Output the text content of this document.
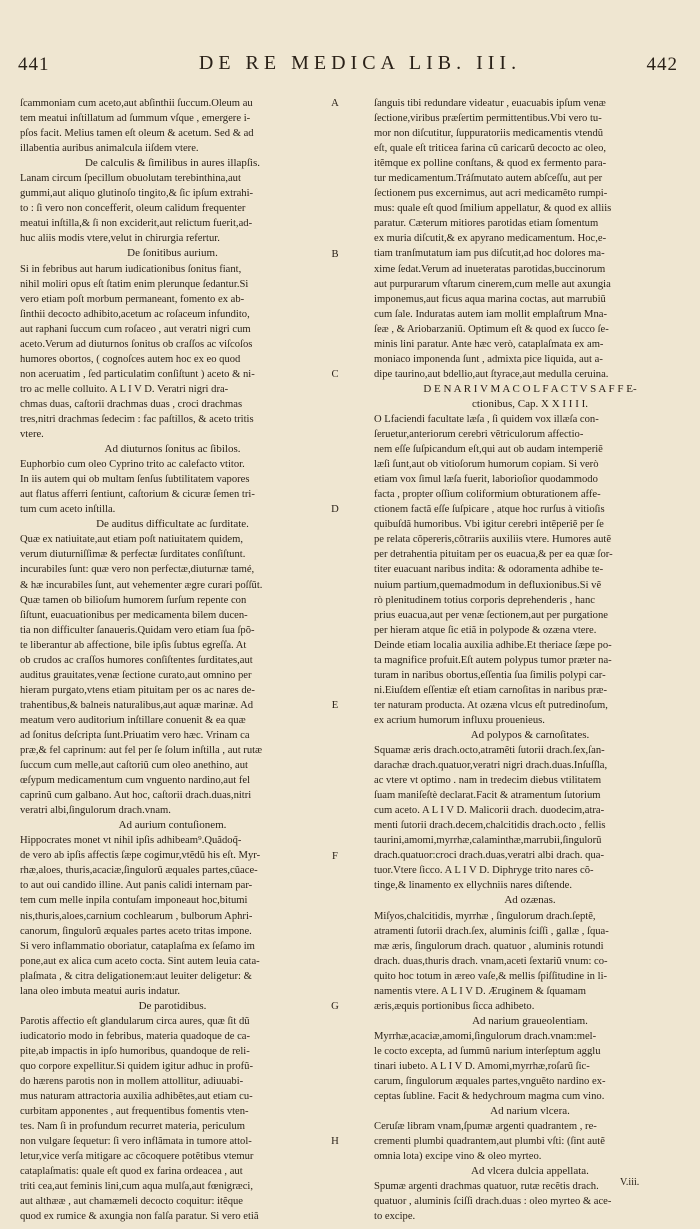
441	DE RE MEDICA LIB. III.	442
ſcammoniam cum aceto,aut abſinthii ſuccum.Oleum au
tem meatui inſtillatum ad ſummum vſque , emergere i-
pſos facit. Melius tamen eſt oleum & acetum. Sed & ad
illabentia auribus animalcula iiſdem vtere.
De calculis & ſimilibus in aures illapſis.
Lanam circum ſpecillum obuolutam terebinthina,aut
gummi,aut aliquo glutinoſo tingito,& ſic ipſum extrahi-
to : ſi vero non concefferit, oleum calidum frequenter
meatui inſtilla,& ſi non exciderit,aut relictum fuerit,ad-
huc aliis modis vtere,velut in chirurgia refertur.
De ſonitibus aurium.
Si in febribus aut harum iudicationibus ſonitus fiant,
nihil moliri opus eſt ſtatim enim plerunque ſedantur.Si
vero etiam poſt morbum permaneant, fomento ex ab-
ſinthii decocto adhibito,acetum ac roſaceum infundito,
aut raphani ſuccum cum roſaceo , aut veratri nigri cum
aceto.Verum ad diuturnos ſonitus ob craſſos ac viſcoſos
humores obortos, ( cognoſces autem hoc ex eo quod
non aceruatim , ſed particulatim conſiſtunt ) aceto & ni-
tro ac melle colluito. A L I V D. Veratri nigri dra-
chmas duas, caſtorii drachmas duas , croci drachmas
tres,nitri drachmas ſedecim : fac paſtillos, & aceto tritis
vtere.
Ad diuturnos ſonitus ac ſibilos.
Euphorbio cum oleo Cyprino trito ac calefacto vtitor.
In iis autem qui ob multam ſenſus ſubtilitatem vapores
aut flatus afferri ſentiunt, caſtorium & cicuræ ſemen tri-
tum cum aceto inſtilla.
De auditus difficultate ac ſurditate.
Quæ ex natiuitate,aut etiam poſt natiuitatem quidem,
verum diuturniſſimæ & perfectæ ſurditates conſiſtunt.
incurabiles ſunt: quæ vero non perfectæ,diuturnæ tamé,
& hæ incurabiles ſunt, aut vehementer ægre curari poſſũt.
Quæ tamen ob bilioſum humorem ſurſum repente con
ſiſtunt, euacuationibus per medicamenta bilem ducen-
tia non difficulter ſanaueris.Quidam vero etiam ſua ſpõ-
te liberantur ab affectione, bile ipſis ſubtus egreſſa. At
ob crudos ac craſſos humores conſiſtentes ſurditates,aut
auditus grauitates,venæ ſectione curato,aut omnino per
hieram purgato,vtens etiam pituitam per os ac nares de-
trahentibus,& balneis naturalibus,aut aquæ marinæ. Ad
meatum vero auditorium inſtillare conuenit & ea quæ
ad ſonitus deſcripta ſunt.Priuatim vero hæc. Vrinam ca
præ,& fel caprinum: aut fel per ſe ſolum inſtilla , aut rutæ
ſuccum cum melle,aut caſtoriũ cum oleo anethino, aut
œſypum medicamentum cum vnguento nardino,aut fel
caprinũ cum galbano. Aut hoc, caſtorii drach.duas,nitri
veratri albi,ſingulorum drach.vnam.
Ad aurium contuſionem.
Hippocrates monet vt nihil ipſis adhibeam⁹.Quãdoq̃-
de vero ab ipſis affectis ſæpe cogimur,vtẽdũ his eſt. Myr-
rhæ,aloes, thuris,acaciæ,ſingulorũ æquales partes,cũace-
to aut oui candido illine. Aut panis calidi internam par-
tem cum melle inpila contuſam imponeaut hoc,bitumi
nis,thuris,aloes,carnium cochlearum , bulborum Aphri-
canorum, ſingulorũ æquales partes aceto tritas impone.
Si vero inflammatio oboriatur, cataplaſma ex ſeſamo im
pone,aut ex alica cum aceto cocta. Sint autem leuia cata-
plaſmata , & citra deligationem:aut leuiter deligetur: &
lana oleo imbuta meatui auris indatur.
De parotidibus.
Parotis affectio eſt glandularum circa aures, quæ ſit dũ
iudicatorio modo in febribus, materia quadoque de ca-
pite,ab impactis in ipſo humoribus, quandoque de reli-
quo corpore expellitur.Si quidem igitur adhuc in profũ-
do hærens parotis non in mollem attollitur, adiuuabi-
mus naturam attractoria auxilia adhibẽtes,aut etiam cu-
curbitam apponentes , aut frequentibus fomentis vten-
tes. Nam ſi in profundum recurret materia, periculum
non vulgare ſequetur: ſi vero inflãmata in tumore attol-
letur,vice verſa mitigare ac cõcoquere potẽtibus vtemur
cataplaſmatis: quale eſt quod ex farina ordeacea , aut
triti cea,aut feminis lini,cum aqua mulſa,aut fœnigræci,
aut althææ , aut chamæmeli decocto coquitur: itẽque
quod ex rumice & axungia non falſa paratur. Si vero etiã
A
B
C
D
E
F
G
H
ſanguis tibi redundare videatur , euacuabis ipſum venæ
ſectione,viribus præſertim permittentibus.Vbi vero tu-
mor non diſcutitur, ſuppuratoriis medicamentis vtendũ
eſt, quale eſt triticea farina cũ caricarũ decocto ac oleo,
itẽmque ex polline conſtans, & quod ex fermento para-
tur medicamentum.Tráſmutato autem abſceſſu, aut per
ſectionem pus excernimus, aut acri medicamẽto rumpi-
mus: quale eſt quod ſmilium appellatur, & quod ex alliis
paratur. Cæterum mitiores parotidas etiam ſomentum
ex muria diſcutit,& ex apyrano medicamentum. Hoc,e-
tiam tranſmutatum iam pus diſcutit,ad hoc dolores ma-
xime ſedat.Verum ad inueteratas parotidas,buccinorum
aut purpurarum vſtarum cinerem,cum melle aut axungia
imponemus,aut ficus aqua marina coctas, aut marrubiũ
cum ſale. Induratas autem iam mollit emplaſtrum Mna-
ſeæ , & Ariobarzaniũ. Optimum eſt & quod ex ſucco ſe-
minis lini paratur. Ante hæc verò, cataplaſmata ex am-
moniaco imponenda ſunt , admixta pice liquida, aut a-
dipe taurino,aut bdellio,aut ſtyrace,aut medulla ceruina.
D E N A R I V M A C O L F A C T V S A F F E-
ctionibus, Cap. X X I I I I.
O Lfaciendi facultate læſa , ſi quidem vox illæſa con-
ſeruetur,anteriorum cerebri vẽtriculorum affectio-
nem eſſe ſuſpicandum eſt,qui aut ob audam intemperiẽ
læſi ſunt,aut ob vitioſorum humorum copiam. Si verò
etiam vox ſimul læſa fuerit, laborioſior quodammodo
facta , propter oſſium coliformium obturationem affe-
ctionem factã eſſe ſuſpicare , atque hoc rurſus à vitioſis
quibuſdã humoribus. Vbi igitur cerebri intẽperiẽ per ſe
pe relata cõpereris,cõtrariis auxiliis vtere. Humores autẽ
per detrahentia pituitam per os euacua,& per ea quæ ſor-
titer euacuant naribus indita: & odoramenta adhibe te-
nuium partium,quemadmodum in defluxionibus.Si vẽ
rò plenitudinem totius corporis deprehenderis , hanc
prius euacua,aut per venæ ſectionem,aut per purgatione
per hieram atque ſic etiã in polypode & ozæna vtere.
Deinde etiam localia auxilia adhibe.Et theriace ſæpe po-
ta magnifice profuit.Eſt autem polypus tumor præter na-
turam in naribus obortus,eſſentia ſua ſimilis polypi car-
ni.Eiuſdem eſſentiæ eſt etiam carnoſitas in naribus præ-
ter naturam producta. At ozæna vlcus eſt putredinoſum,
ex acrium humorum influxu prouenieus.
Ad polypos & carnoſitates.
Squamæ æris drach.octo,atramẽti ſutorii drach.ſex,ſan-
darachæ drach.quatuor,veratri nigri drach.duas.Inſuſſla,
ac vtere vt optimo . nam in tredecim diebus vtilitatem
ſuam maniſeſtè declarat.Facit & atramentum ſutorium
cum aceto. A L I V D. Malicorii drach. duodecim,atra-
menti ſutorii drach.decem,chalcitidis drach.octo , fellis
taurini,amomi,myrrhæ,calaminthæ,marrubii,ſingulorũ
drach.quatuor:croci drach.duas,veratri albi drach. qua-
tuor.Vtere ſicco. A L I V D. Diphryge trito nares cõ-
tinge,& linamento ex ellychniis nares diſtende.
Ad ozænas.
Miſyos,chalcitidis, myrrhæ , ſingulorum drach.ſeptẽ,
atramenti ſutorii drach.ſex, aluminis ſciſſi , gallæ , ſqua-
mæ æris, ſingulorum drach. quatuor , aluminis rotundi
drach. duas,thuris drach. vnam,aceti ſextariũ vnum: co-
quito hoc totum in æreo vaſe,& mellis ſpiſſitudine in li-
namentis vtere. A L I V D. Æruginem & ſquamam
æris,æquis portionibus ſicca adhibeto.
Ad narium graueolentiam.
Myrrhæ,acaciæ,amomi,ſingulorum drach.vnam:mel-
le cocto excepta, ad ſummũ narium interſeptum agglu
tinari iubeto. A L I V D. Amomi,myrrhæ,roſarũ ſic-
carum, ſingulorum æquales partes,vnguẽto nardino ex-
ceptas ſubline. Facit & hedychroum magma cum vino.
Ad narium vlcera.
Ceruſæ libram vnam,ſpumæ argenti quadrantem , re-
crementi plumbi quadrantem,aut plumbi vſti: (ſint autẽ
omnia lota) excipe vino & oleo myrteo.
Ad vlcera dulcia appellata.
Spumæ argenti drachmas quatuor, rutæ recẽtis drach.
quatuor , aluminis ſciſſi drach.duas : oleo myrteo & ace-
to excipe.
V.iii.
